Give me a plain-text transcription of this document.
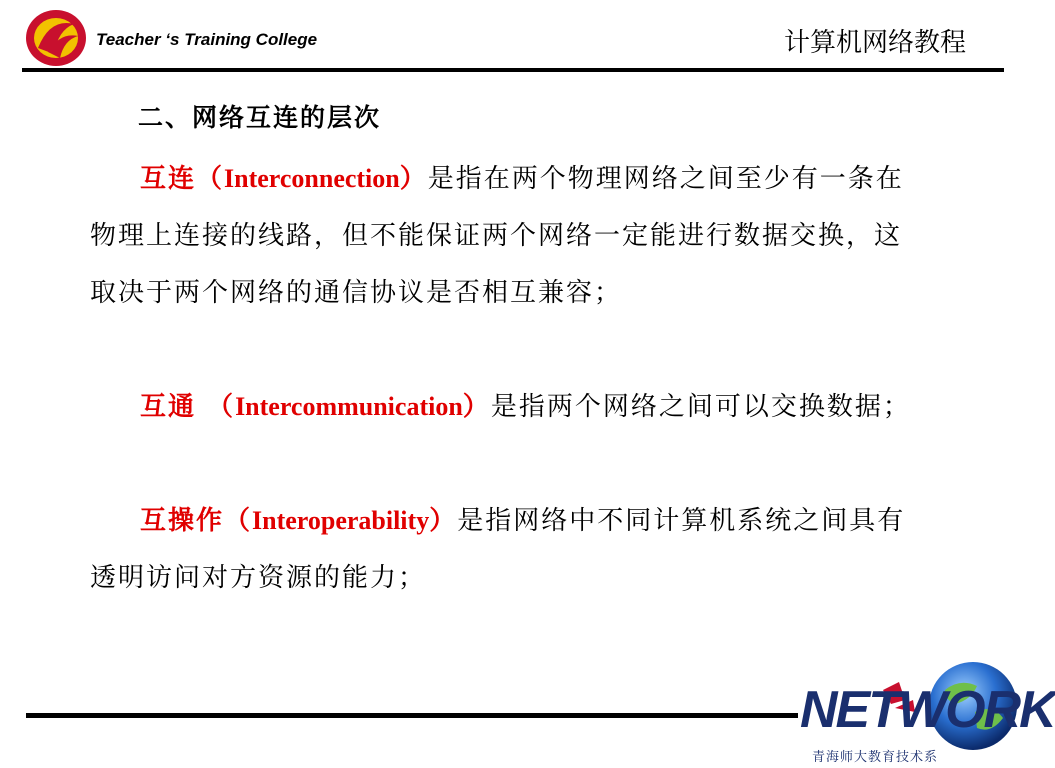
Teacher ‘s Training College	计算机网络教程
二、网络互连的层次
互连（Interconnection）是指在两个物理网络之间至少有一条在物理上连接的线路，但不能保证两个网络一定能进行数据交换，这取决于两个网络的通信协议是否相互兼容；
互通 （Intercommunication）是指两个网络之间可以交换数据；
互操作（Interoperability）是指网络中不同计算机系统之间具有透明访问对方资源的能力；
NETWORK
青海师大教育技术系
